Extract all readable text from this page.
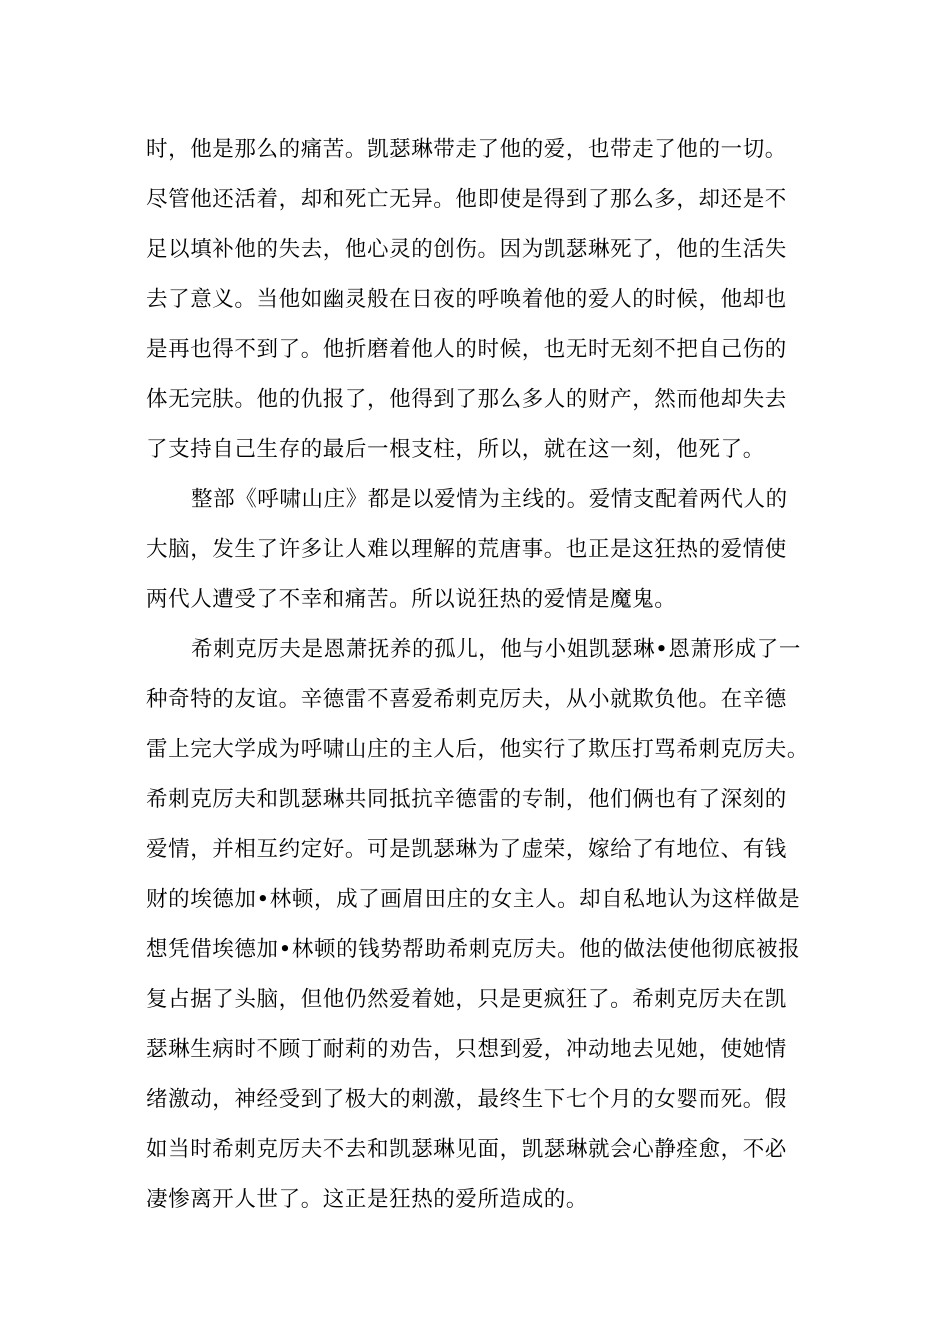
时，他是那么的痛苦。凯瑟琳带走了他的爱，也带走了他的一切。
尽管他还活着，却和死亡无异。他即使是得到了那么多，却还是不
足以填补他的失去，他心灵的创伤。因为凯瑟琳死了，他的生活失
去了意义。当他如幽灵般在日夜的呼唤着他的爱人的时候，他却也
是再也得不到了。他折磨着他人的时候，也无时无刻不把自己伤的
体无完肤。他的仇报了，他得到了那么多人的财产，然而他却失去
了支持自己生存的最后一根支柱，所以，就在这一刻，他死了。
整部《呼啸山庄》都是以爱情为主线的。爱情支配着两代人的
大脑，发生了许多让人难以理解的荒唐事。也正是这狂热的爱情使
两代人遭受了不幸和痛苦。所以说狂热的爱情是魔鬼。
希刺克厉夫是恩萧抚养的孤儿，他与小姐凯瑟琳•恩萧形成了一
种奇特的友谊。辛德雷不喜爱希刺克厉夫，从小就欺负他。在辛德
雷上完大学成为呼啸山庄的主人后，他实行了欺压打骂希刺克厉夫。
希刺克厉夫和凯瑟琳共同抵抗辛德雷的专制，他们俩也有了深刻的
爱情，并相互约定好。可是凯瑟琳为了虚荣，嫁给了有地位、有钱
财的埃德加•林顿，成了画眉田庄的女主人。却自私地认为这样做是
想凭借埃德加•林顿的钱势帮助希刺克厉夫。他的做法使他彻底被报
复占据了头脑，但他仍然爱着她，只是更疯狂了。希刺克厉夫在凯
瑟琳生病时不顾丁耐莉的劝告，只想到爱，冲动地去见她，使她情
绪激动，神经受到了极大的刺激，最终生下七个月的女婴而死。假
如当时希刺克厉夫不去和凯瑟琳见面，凯瑟琳就会心静痊愈，不必
凄惨离开人世了。这正是狂热的爱所造成的。
